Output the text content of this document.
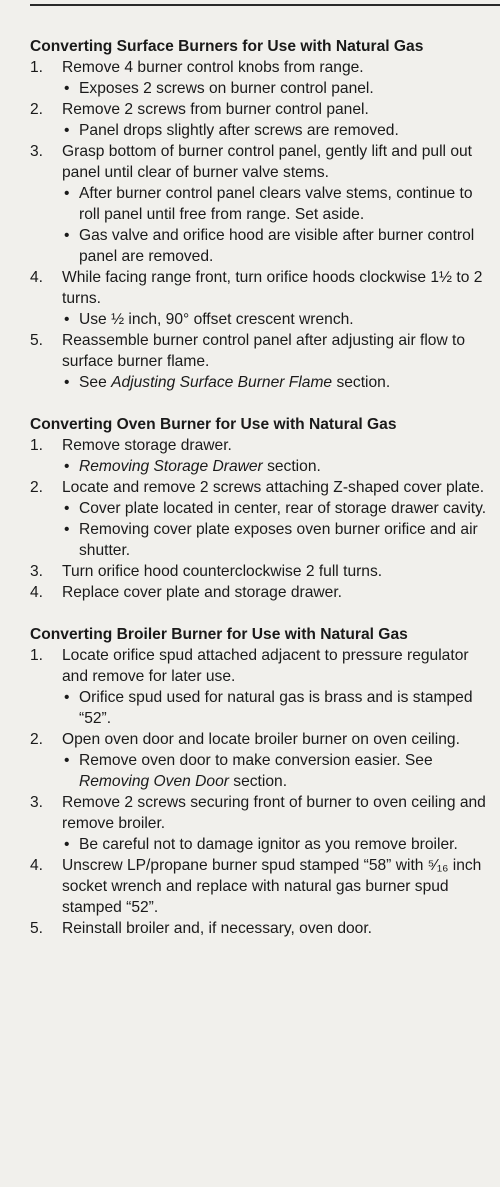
Converting Surface Burners for Use with Natural Gas
1. Remove 4 burner control knobs from range.
• Exposes 2 screws on burner control panel.
2. Remove 2 screws from burner control panel.
• Panel drops slightly after screws are removed.
3. Grasp bottom of burner control panel, gently lift and pull out panel until clear of burner valve stems.
• After burner control panel clears valve stems, continue to roll panel until free from range. Set aside.
• Gas valve and orifice hood are visible after burner control panel are removed.
4. While facing range front, turn orifice hoods clockwise 1½ to 2 turns.
• Use ½ inch, 90° offset crescent wrench.
5. Reassemble burner control panel after adjusting air flow to surface burner flame.
• See Adjusting Surface Burner Flame section.
Converting Oven Burner for Use with Natural Gas
1. Remove storage drawer.
• Removing Storage Drawer section.
2. Locate and remove 2 screws attaching Z-shaped cover plate.
• Cover plate located in center, rear of storage drawer cavity.
• Removing cover plate exposes oven burner orifice and air shutter.
3. Turn orifice hood counterclockwise 2 full turns.
4. Replace cover plate and storage drawer.
Converting Broiler Burner for Use with Natural Gas
1. Locate orifice spud attached adjacent to pressure regulator and remove for later use.
• Orifice spud used for natural gas is brass and is stamped “52”.
2. Open oven door and locate broiler burner on oven ceiling.
• Remove oven door to make conversion easier. See Removing Oven Door section.
3. Remove 2 screws securing front of burner to oven ceiling and remove broiler.
• Be careful not to damage ignitor as you remove broiler.
4. Unscrew LP/propane burner spud stamped “58” with ⁵⁄₁₆ inch socket wrench and replace with natural gas burner spud stamped “52”.
5. Reinstall broiler and, if necessary, oven door.
